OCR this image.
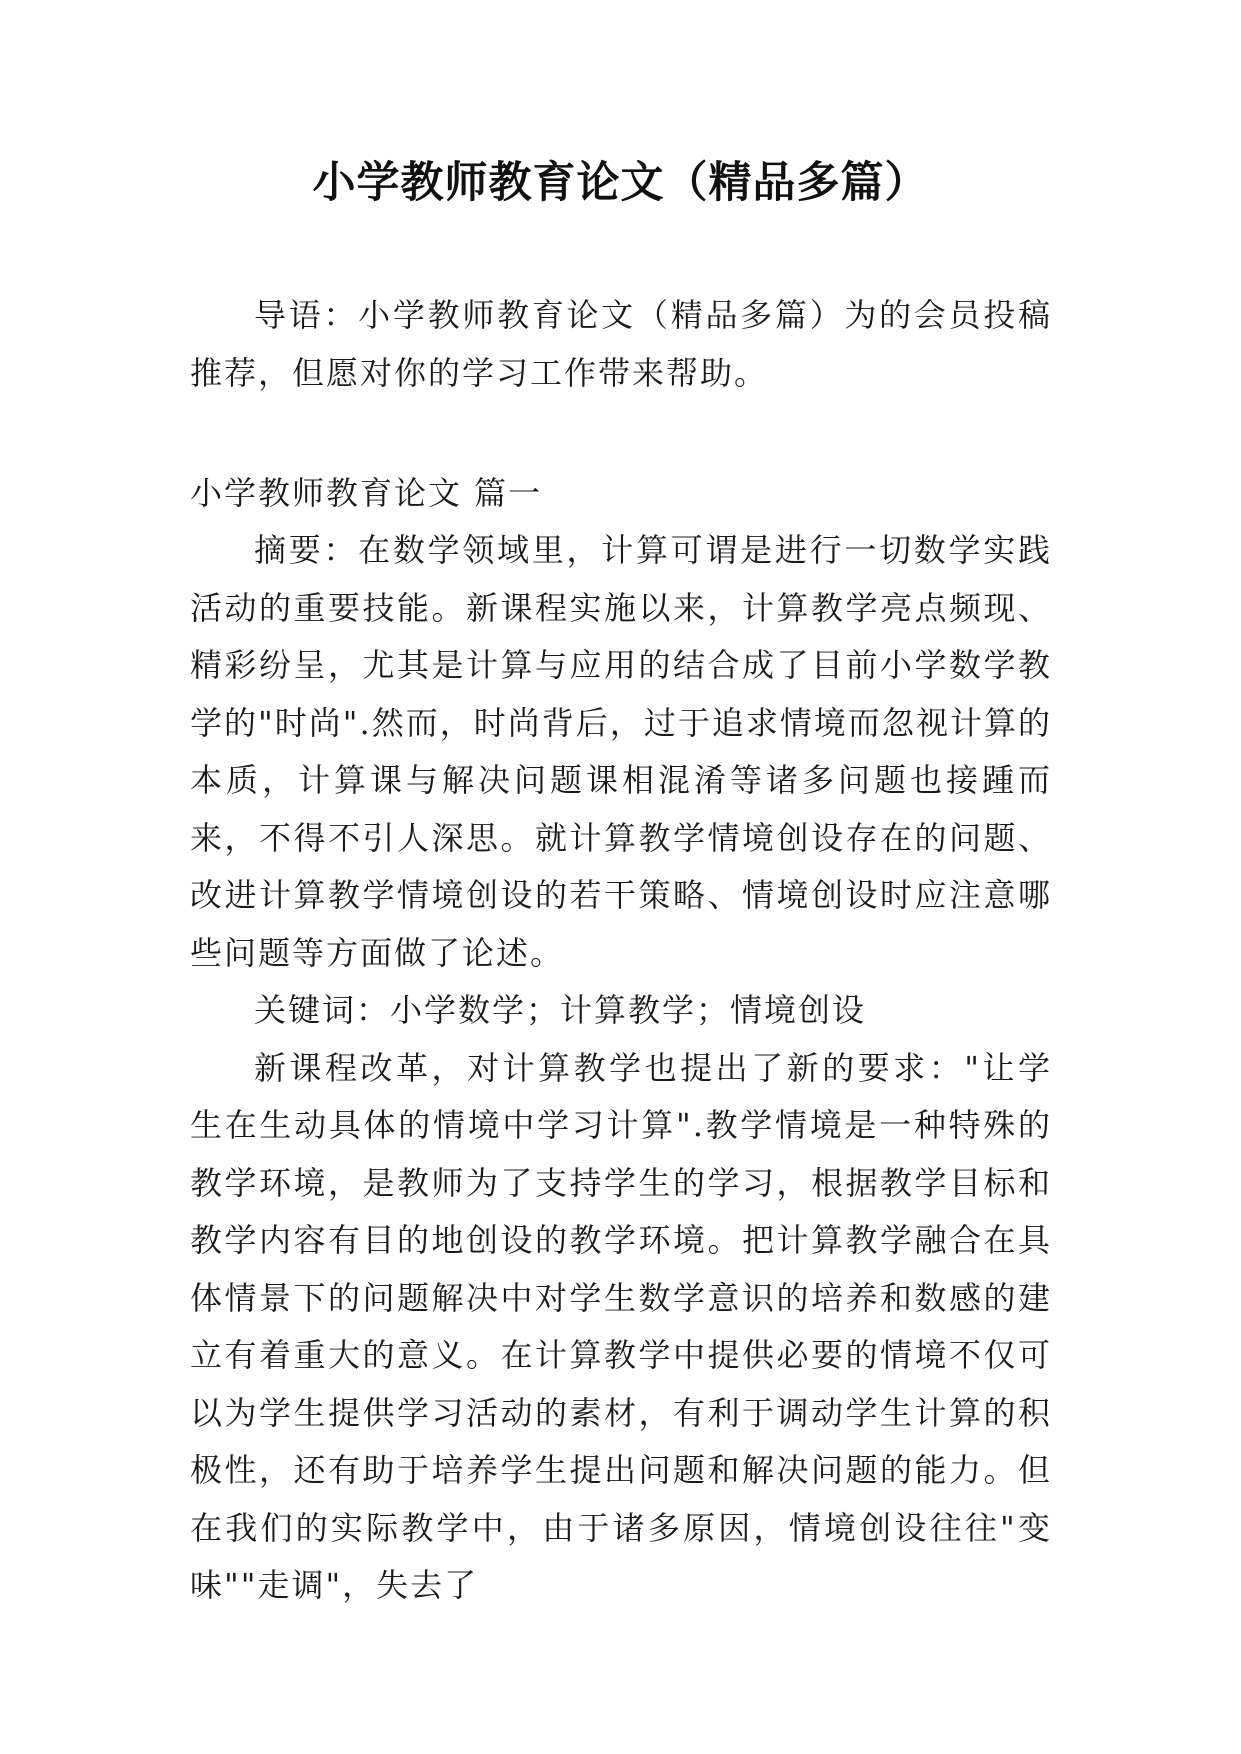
小学教师教育论文（精品多篇）

导语：小学教师教育论文（精品多篇）为的会员投稿推荐，但愿对你的学习工作带来帮助。

小学教师教育论文 篇一

摘要：在数学领域里，计算可谓是进行一切数学实践活动的重要技能。新课程实施以来，计算教学亮点频现、精彩纷呈，尤其是计算与应用的结合成了目前小学数学教学的"时尚".然而，时尚背后，过于追求情境而忽视计算的本质，计算课与解决问题课相混淆等诸多问题也接踵而来，不得不引人深思。就计算教学情境创设存在的问题、改进计算教学情境创设的若干策略、情境创设时应注意哪些问题等方面做了论述。

关键词：小学数学；计算教学；情境创设

新课程改革，对计算教学也提出了新的要求："让学生在生动具体的情境中学习计算".教学情境是一种特殊的教学环境，是教师为了支持学生的学习，根据教学目标和教学内容有目的地创设的教学环境。把计算教学融合在具体情景下的问题解决中对学生数学意识的培养和数感的建立有着重大的意义。在计算教学中提供必要的情境不仅可以为学生提供学习活动的素材，有利于调动学生计算的积极性，还有助于培养学生提出问题和解决问题的能力。但在我们的实际教学中，由于诸多原因，情境创设往往"变味""走调"，失去了
